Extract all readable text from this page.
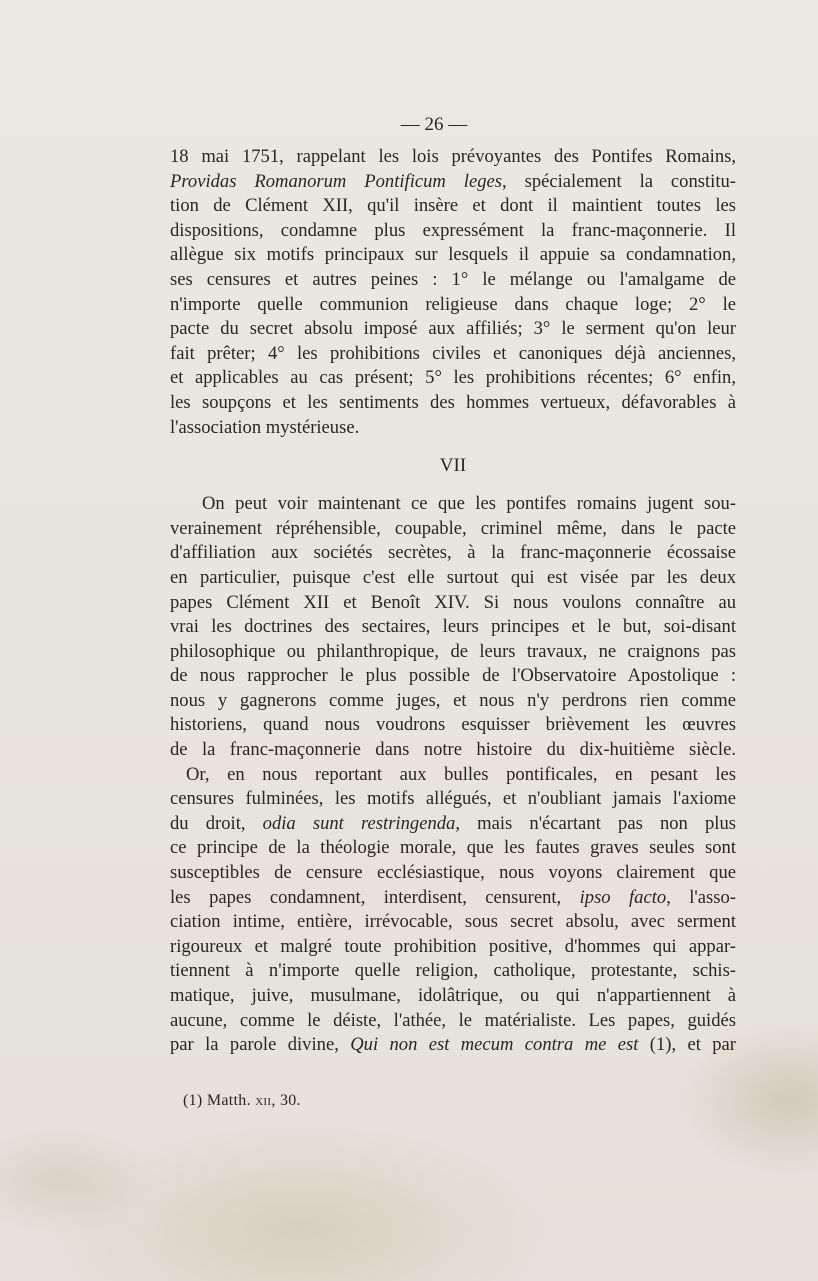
— 26 —

18 mai 1751, rappelant les lois prévoyantes des Pontifes Romains,
Providas Romanorum Pontificum leges, spécialement la constitu-
tion de Clément XII, qu'il insère et dont il maintient toutes les
dispositions, condamne plus expressément la franc-maçonnerie. Il
allègue six motifs principaux sur lesquels il appuie sa condamnation,
ses censures et autres peines : 1° le mélange ou l'amalgame de
n'importe quelle communion religieuse dans chaque loge; 2° le
pacte du secret absolu imposé aux affiliés; 3° le serment qu'on leur
fait prêter; 4° les prohibitions civiles et canoniques déjà anciennes,
et applicables au cas présent; 5° les prohibitions récentes; 6° enfin,
les soupçons et les sentiments des hommes vertueux, défavorables à
l'association mystérieuse.

VII

On peut voir maintenant ce que les pontifes romains jugent sou-
verainement répréhensible, coupable, criminel même, dans le pacte
d'affiliation aux sociétés secrètes, à la franc-maçonnerie écossaise
en particulier, puisque c'est elle surtout qui est visée par les deux
papes Clément XII et Benoît XIV. Si nous voulons connaître au
vrai les doctrines des sectaires, leurs principes et le but, soi-disant
philosophique ou philanthropique, de leurs travaux, ne craignons pas
de nous rapprocher le plus possible de l'Observatoire Apostolique :
nous y gagnerons comme juges, et nous n'y perdrons rien comme
historiens, quand nous voudrons esquisser brièvement les œuvres
de la franc-maçonnerie dans notre histoire du dix-huitième siècle.

Or, en nous reportant aux bulles pontificales, en pesant les
censures fulminées, les motifs allégués, et n'oubliant jamais l'axiome
du droit, odia sunt restringenda, mais n'écartant pas non plus
ce principe de la théologie morale, que les fautes graves seules sont
susceptibles de censure ecclésiastique, nous voyons clairement que
les papes condamnent, interdisent, censurent, ipso facto, l'asso-
ciation intime, entière, irrévocable, sous secret absolu, avec serment
rigoureux et malgré toute prohibition positive, d'hommes qui appar-
tiennent à n'importe quelle religion, catholique, protestante, schis-
matique, juive, musulmane, idolâtrique, ou qui n'appartiennent à
aucune, comme le déiste, l'athée, le matérialiste. Les papes, guidés
par la parole divine, Qui non est mecum contra me est (1), et par

(1) Matth. xii, 30.
